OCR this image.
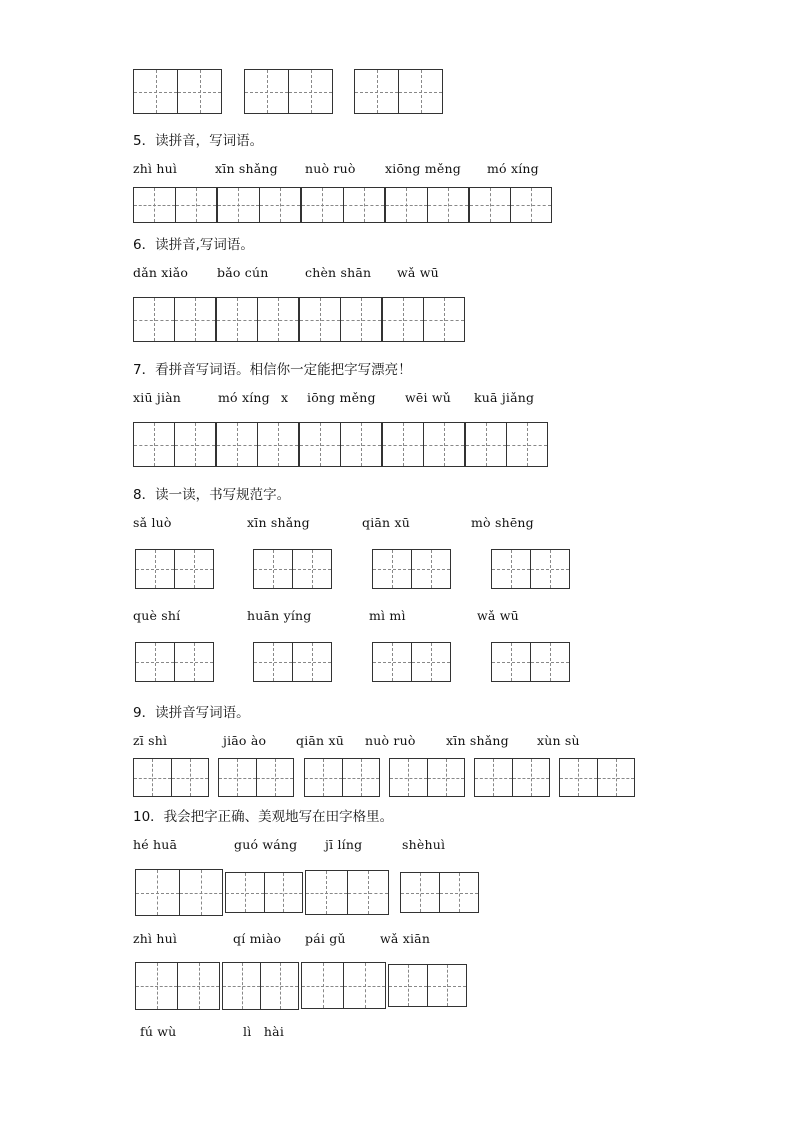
5．读拼音，写词语。
zhì huì	xīn shǎng nuò ruò xiōng měng mó xíng
6．读拼音,写词语。
dǎn xiǎo bǎo cún	chèn shān wǎ wū
7．看拼音写词语。相信你一定能把字写漂亮！
xiū jiàn	mó xíng x iōng měng wēi wǔ kuā jiǎng
8．读一读，书写规范字。
sǎ luò	xīn shǎng	qiān xū	mò shēng
què shí	huān yíng	mì mì	wǎ wū
9．读拼音写词语。
zī shì	jiāo ào qiān xū nuò ruò xīn shǎng xùn sù
10．我会把字正确、美观地写在田字格里。
hé huā	guó wáng jī líng	shèhuì
zhì huì	qí miào pái gǔ	wǎ xiān
fú wù	lì   hài
